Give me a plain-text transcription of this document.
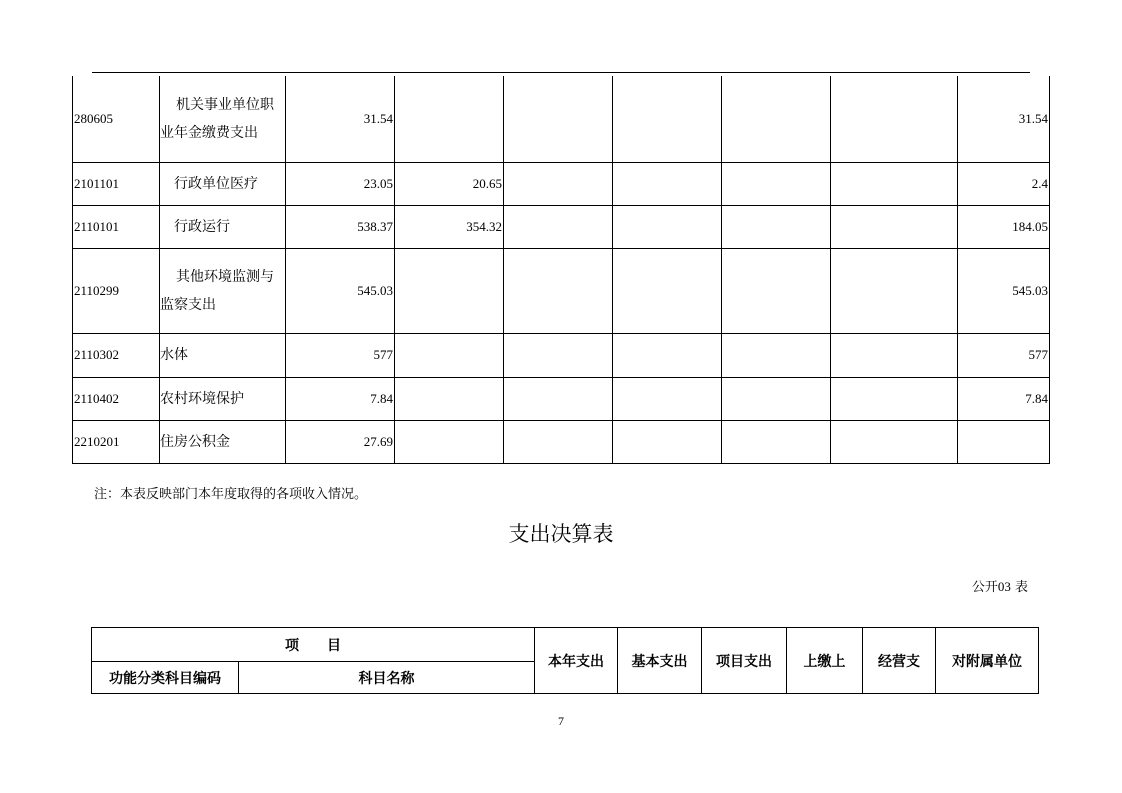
280605	机关事业单位职
业年金缴费支出	31.54						31.54
2101101	行政单位医疗	23.05	20.65					2.4
2110101	行政运行	538.37	354.32					184.05
2110299	其他环境监测与
监察支出	545.03						545.03
2110302	水体	577						577
2110402	农村环境保护	7.84						7.84
2210201	住房公积金	27.69						
注：本表反映部门本年度取得的各项收入情况。
支出决算表
公开03 表
项　　目		本年支出	基本支出	项目支出	上缴上	经营支	对附属单位
功能分类科目编码	科目名称						
7
